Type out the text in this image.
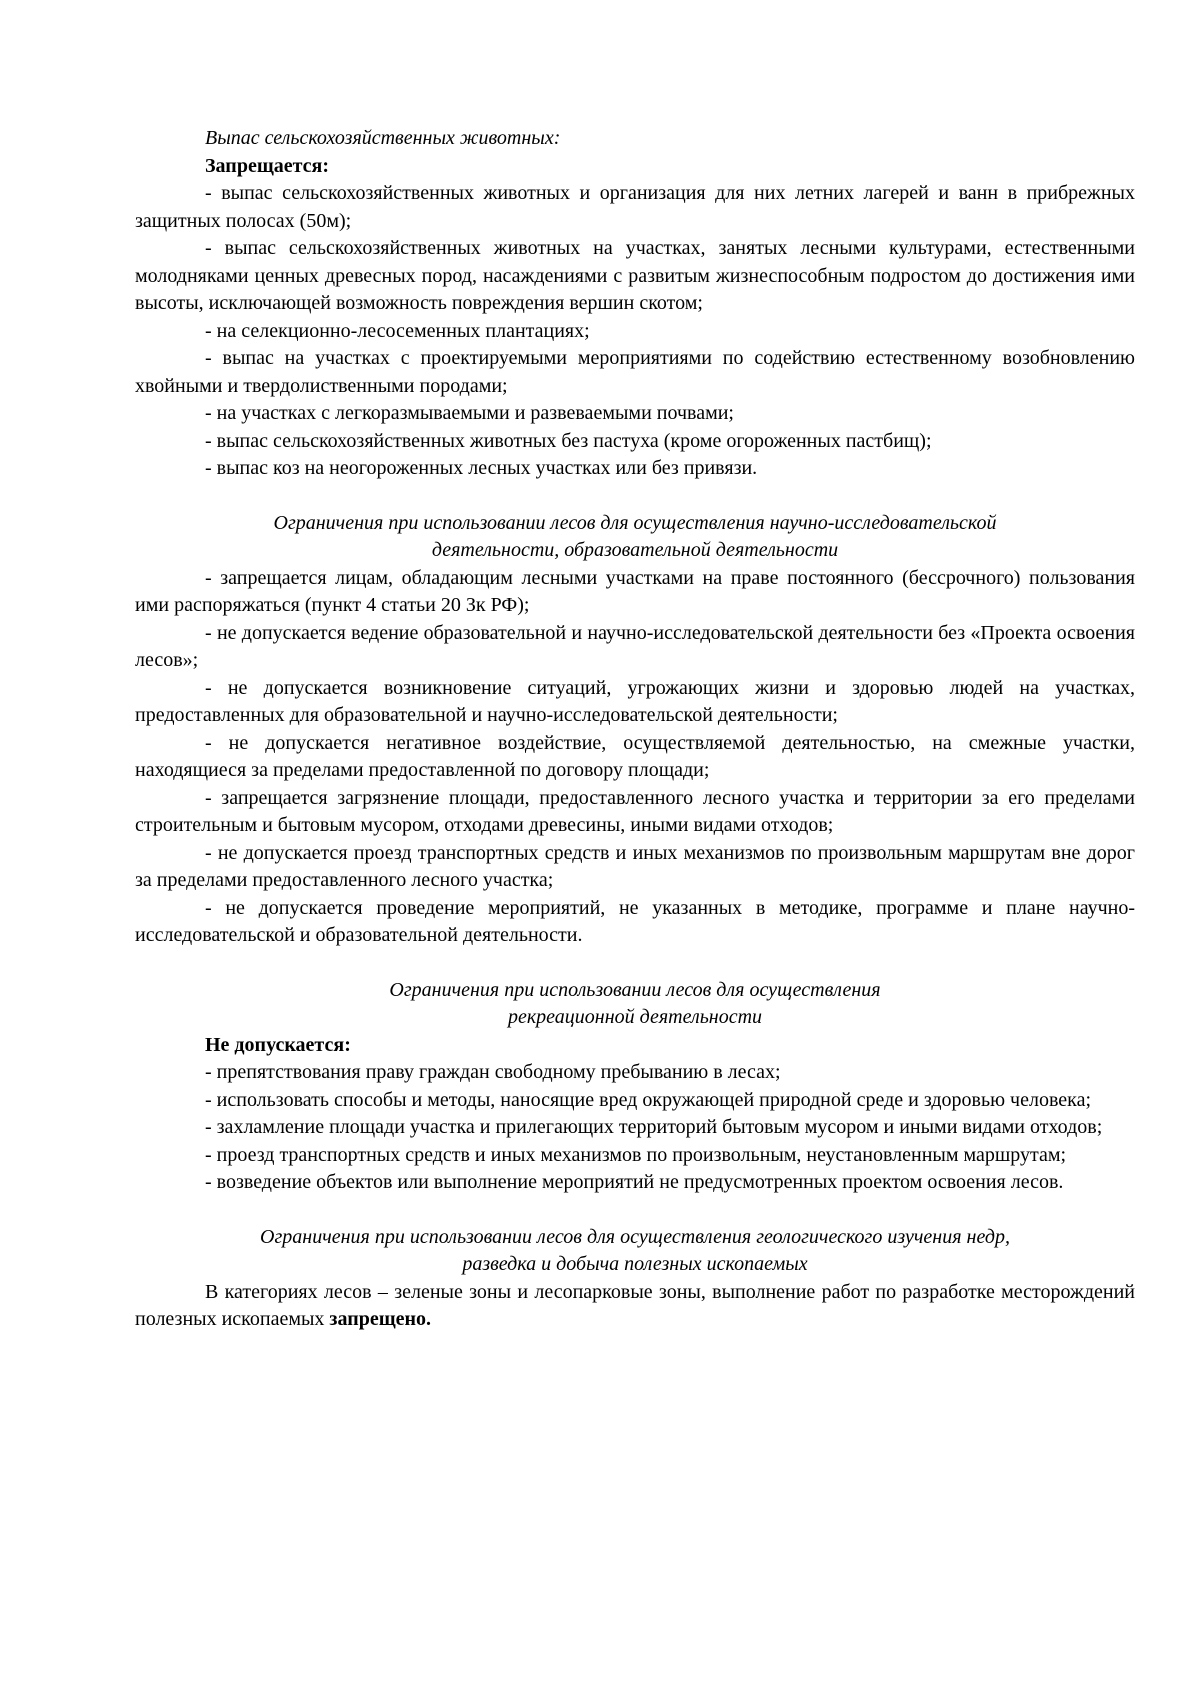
Выпас сельскохозяйственных животных:

Запрещается:

- выпас сельскохозяйственных животных и организация для них летних лагерей и ванн в прибрежных защитных полосах (50м);

- выпас сельскохозяйственных животных на участках, занятых лесными культурами, естественными молодняками ценных древесных пород, насаждениями с развитым жизнеспособным подростом до достижения ими высоты, исключающей возможность повреждения вершин скотом;

- на селекционно-лесосеменных плантациях;

- выпас на участках с проектируемыми мероприятиями по содействию естественному возобновлению хвойными и твердолиственными породами;

- на участках с легкоразмываемыми и развеваемыми почвами;

- выпас сельскохозяйственных животных без пастуха (кроме огороженных пастбищ);

- выпас коз на неогороженных лесных участках или без привязи.

Ограничения при использовании лесов для осуществления научно-исследовательской
деятельности, образовательной деятельности

- запрещается лицам, обладающим лесными участками на праве постоянного (бессрочного) пользования ими распоряжаться (пункт 4 статьи 20 Зк РФ);

- не допускается ведение образовательной и научно-исследовательской деятельности без «Проекта освоения лесов»;

- не допускается возникновение ситуаций, угрожающих жизни и здоровью людей на участках, предоставленных для образовательной и научно-исследовательской деятельности;

- не допускается негативное воздействие, осуществляемой деятельностью, на смежные участки, находящиеся за пределами предоставленной по договору площади;

- запрещается загрязнение площади, предоставленного лесного участка и территории за его пределами строительным и бытовым мусором, отходами древесины, иными видами отходов;

- не допускается проезд транспортных средств и иных механизмов по произвольным маршрутам вне дорог за пределами предоставленного лесного участка;

- не допускается проведение мероприятий, не указанных в методике, программе и плане научно-исследовательской и образовательной деятельности.

Ограничения при использовании лесов для осуществления
рекреационной деятельности

Не допускается:

- препятствования праву граждан свободному пребыванию в лесах;

- использовать способы и методы, наносящие вред окружающей природной среде и здоровью человека;

- захламление площади участка и прилегающих территорий бытовым мусором и иными видами отходов;

- проезд транспортных средств и иных механизмов по произвольным, неустановленным маршрутам;

- возведение объектов или выполнение мероприятий не предусмотренных проектом освоения лесов.

Ограничения при использовании лесов для осуществления геологического изучения недр,
разведка и добыча полезных ископаемых

В категориях лесов – зеленые зоны и лесопарковые зоны, выполнение работ по разработке месторождений полезных ископаемых запрещено.
